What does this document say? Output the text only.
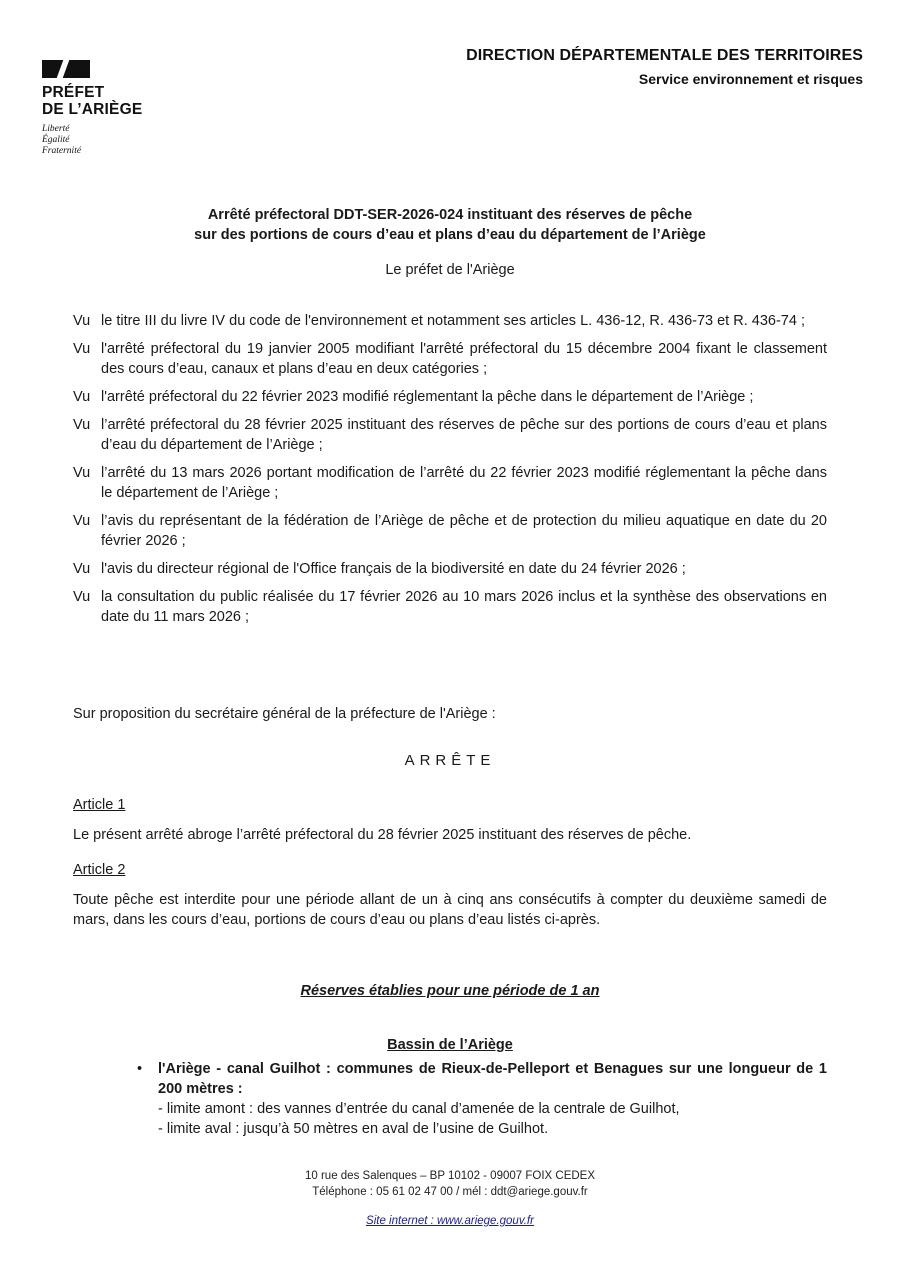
PRÉFET
DE L’ARIÈGE
Liberté
Égalité
Fraternité
DIRECTION DÉPARTEMENTALE DES TERRITOIRES
Service environnement et risques
Arrêté préfectoral DDT-SER-2026-024 instituant des réserves de pêche
sur des portions de cours d’eau et plans d’eau du département de l’Ariège
Le préfet de l'Ariège
Vu le titre III du livre IV du code de l'environnement et notamment ses articles L. 436-12, R. 436-73 et R. 436-74 ;
Vu l'arrêté préfectoral du 19 janvier 2005 modifiant l'arrêté préfectoral du 15 décembre 2004 fixant le classement des cours d’eau, canaux et plans d’eau en deux catégories ;
Vu l'arrêté préfectoral du 22 février 2023 modifié réglementant la pêche dans le département de l’Ariège ;
Vu l’arrêté préfectoral du 28 février 2025 instituant des réserves de pêche sur des portions de cours d’eau et plans d’eau du département de l’Ariège ;
Vu l’arrêté du 13 mars 2026 portant modification de l’arrêté du 22 février 2023 modifié réglementant la pêche dans le département de l’Ariège ;
Vu l’avis du représentant de la fédération de l’Ariège de pêche et de protection du milieu aquatique en date du 20 février 2026 ;
Vu l'avis du directeur régional de l'Office français de la biodiversité en date du 24 février 2026 ;
Vu la consultation du public réalisée du 17 février 2026 au 10 mars 2026 inclus et la synthèse des observations en date du 11 mars 2026 ;
Sur proposition du secrétaire général de la préfecture de l'Ariège :
ARRÊTE
Article 1
Le présent arrêté abroge l’arrêté préfectoral du 28 février 2025 instituant des réserves de pêche.
Article 2
Toute pêche est interdite pour une période allant de un à cinq ans consécutifs à compter du deuxième samedi de mars, dans les cours d’eau, portions de cours d’eau ou plans d’eau listés ci-après.
Réserves établies pour une période de 1 an
Bassin de l’Ariège
•	l'Ariège - canal Guilhot : communes de Rieux-de-Pelleport et Benagues sur une longueur de 1 200 mètres :
- limite amont : des vannes d’entrée du canal d’amenée de la centrale de Guilhot,
- limite aval : jusqu’à 50 mètres en aval de l’usine de Guilhot.
10 rue des Salenques – BP 10102 - 09007 FOIX CEDEX
Téléphone : 05 61 02 47 00 / mél : ddt@ariege.gouv.fr
Site internet : www.ariege.gouv.fr
